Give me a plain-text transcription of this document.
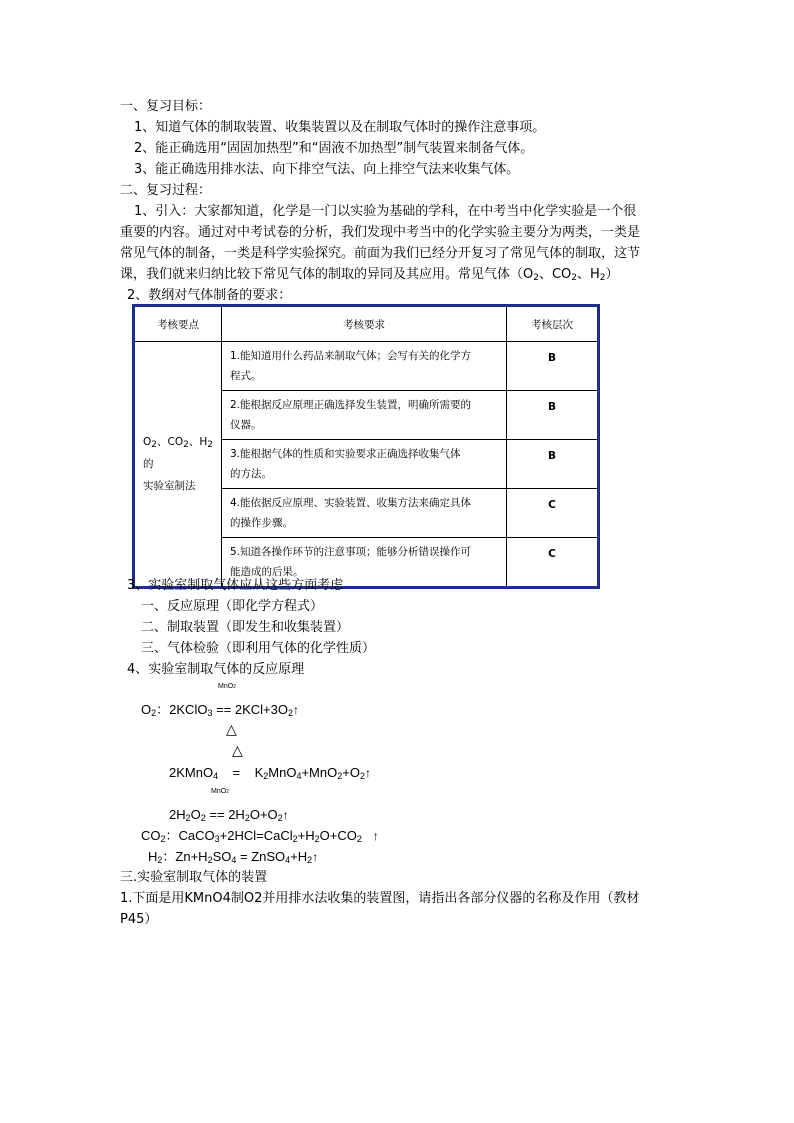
一、复习目标：
1、知道气体的制取装置、收集装置以及在制取气体时的操作注意事项。
2、能正确选用“固固加热型”和“固液不加热型”制气装置来制备气体。
3、能正确选用排水法、向下排空气法、向上排空气法来收集气体。
二、复习过程：
1、引入：大家都知道，化学是一门以实验为基础的学科，在中考当中化学实验是一个很
重要的内容。通过对中考试卷的分析，我们发现中考当中的化学实验主要分为两类，一类是
常见气体的制备，一类是科学实验探究。前面为我们已经分开复习了常见气体的制取，这节
课，我们就来归纳比较下常见气体的制取的异同及其应用。常见气体（$O_2$、$CO_2$、$H_2$）
2、教纲对气体制备的要求：
考核要点	考核要求	考核层次
$O_2$、$CO_2$、$H_2$的
实验室制法	1.能知道用什么药品来制取气体；会写有关的化学方
程式。	B
	2.能根据反应原理正确选择发生装置，明确所需要的
仪器。	B
	3.能根据气体的性质和实验要求正确选择收集气体
的方法。	B
	4.能依据反应原理、实验装置、收集方法来确定具体
的操作步骤。	C
	5.知道各操作环节的注意事项；能够分析错误操作可
能造成的后果。	C
3、实验室制取气体应从这些方面考虑
一、反应原理（即化学方程式）
二、制取装置（即发生和收集装置）
三、气体检验（即利用气体的化学性质）
4、实验室制取气体的反应原理
MnO2
$O_2$：2KClO$_3$ == $2KCl+3O_2↑$
△
△
2KMnO$_4$ = $K_2MnO_4+MnO_2+O_2↑$
MnO2
$2H_2O_2$ == $2H_2O+O_2↑$
$CO_2$：$CaCO_3+2HCl=CaCl_2+H_2O+CO_2$ ↑
$H_2$：$Zn+H_2SO_4$ = $ZnSO_4+H_2↑$
三.实验室制取气体的装置
1.下面是用KMnO4制O2并用排水法收集的装置图，请指出各部分仪器的名称及作用（教材
P45）
